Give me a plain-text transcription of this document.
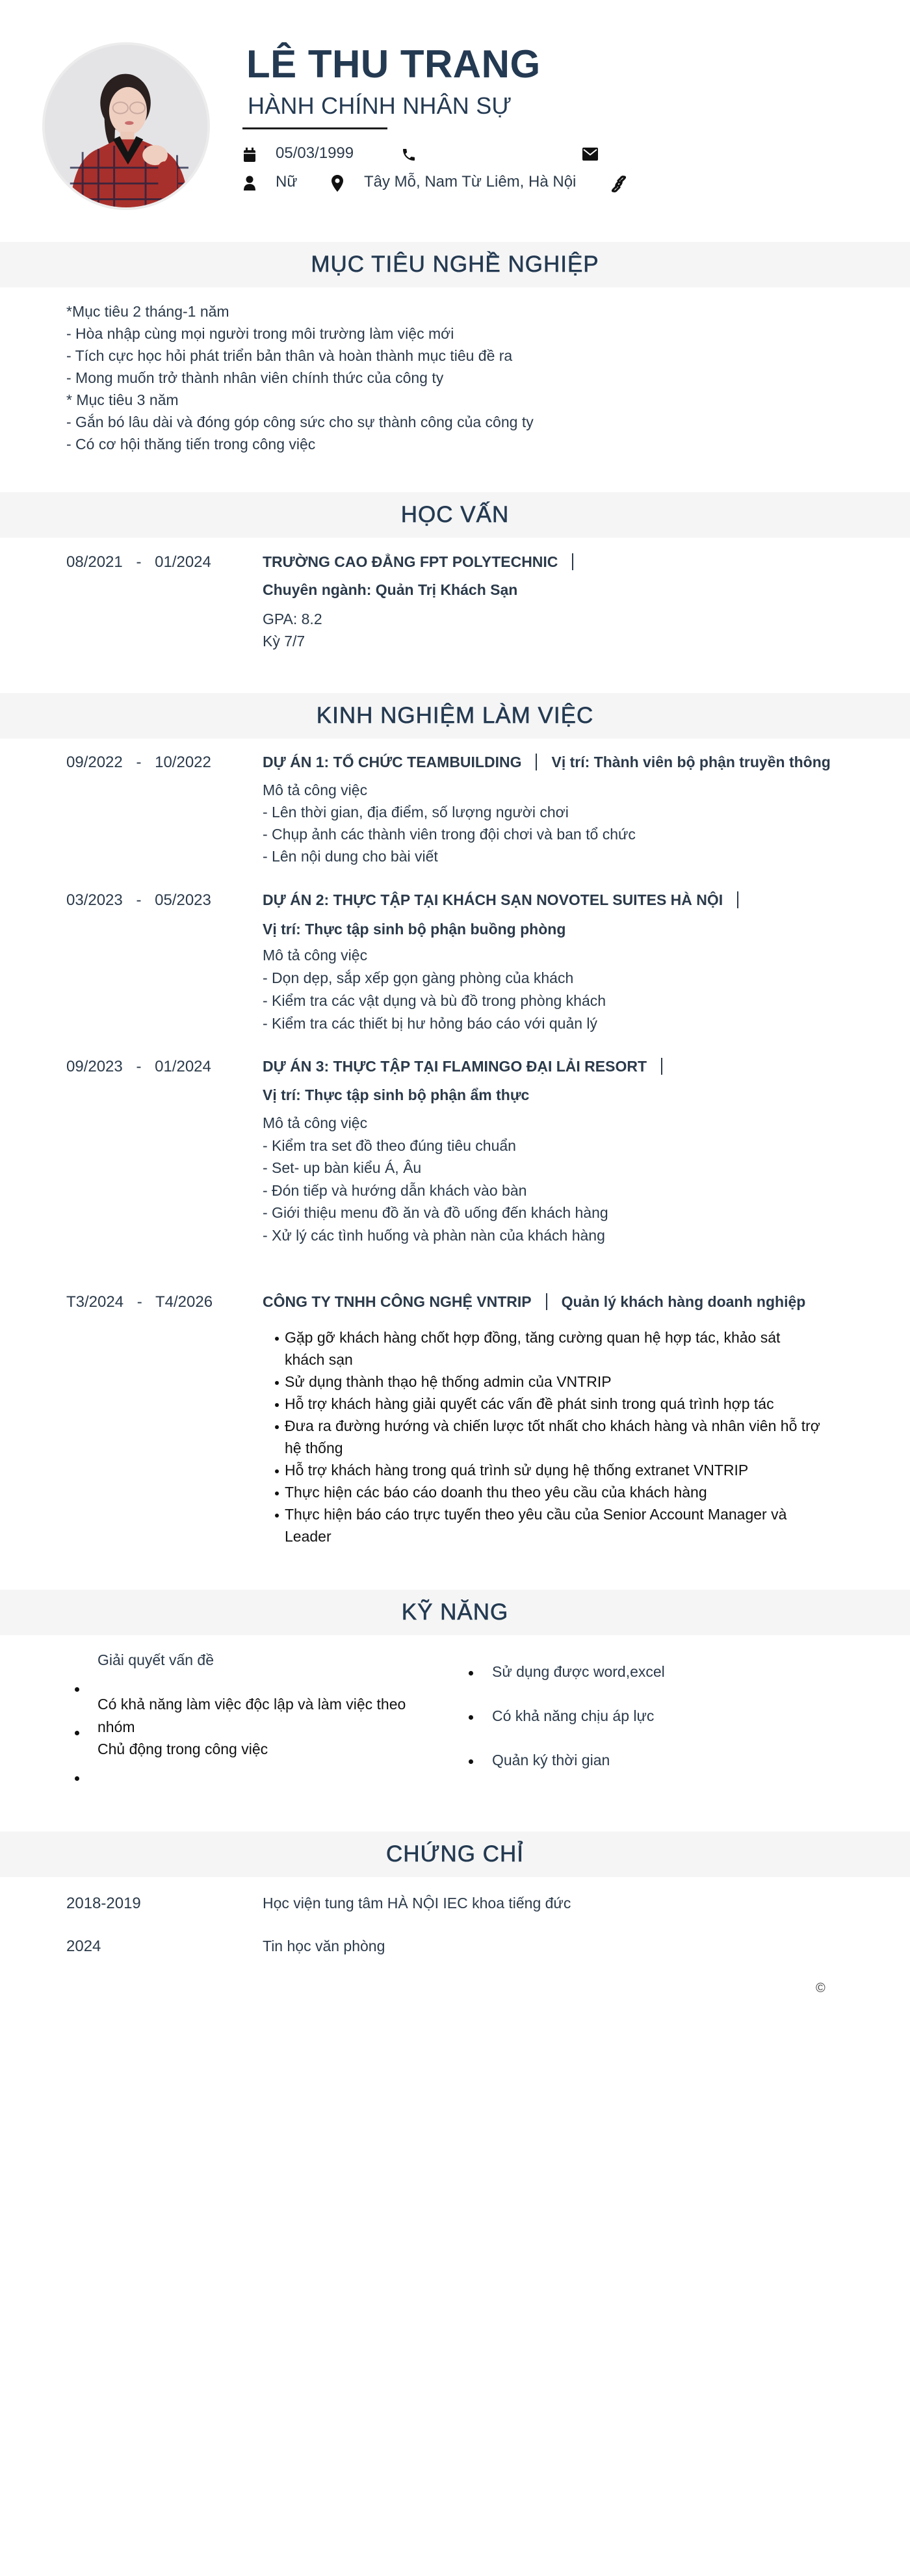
LÊ THU TRANG
HÀNH CHÍNH NHÂN SỰ
05/03/1999
Nữ	Tây Mỗ, Nam Từ Liêm, Hà Nội
MỤC TIÊU NGHỀ NGHIỆP
*Mục tiêu 2 tháng-1 năm
- Hòa nhập cùng mọi người trong môi trường làm việc mới
- Tích cực học hỏi phát triển bản thân và hoàn thành mục tiêu đề ra
- Mong muốn trở thành nhân viên chính thức của công ty
* Mục tiêu 3 năm
- Gắn bó lâu dài và đóng góp công sức cho sự thành công của công ty
- Có cơ hội thăng tiến trong công việc
HỌC VẤN
08/2021 - 01/2024	TRƯỜNG CAO ĐẲNG FPT POLYTECHNIC
Chuyên ngành: Quản Trị Khách Sạn
GPA: 8.2
Kỳ 7/7
KINH NGHIỆM LÀM VIỆC
09/2022 - 10/2022	DỰ ÁN 1: TỔ CHỨC TEAMBUILDING Vị trí: Thành viên bộ phận truyền thông
Mô tả công việc
- Lên thời gian, địa điểm, số lượng người chơi
- Chụp ảnh các thành viên trong đội chơi và ban tổ chức
- Lên nội dung cho bài viết
03/2023 - 05/2023	DỰ ÁN 2: THỰC TẬP TẠI KHÁCH SẠN NOVOTEL SUITES HÀ NỘI
Vị trí: Thực tập sinh bộ phận buồng phòng
Mô tả công việc
- Dọn dẹp, sắp xếp gọn gàng phòng của khách
- Kiểm tra các vật dụng và bù đồ trong phòng khách
- Kiểm tra các thiết bị hư hỏng báo cáo với quản lý
09/2023 - 01/2024	DỰ ÁN 3: THỰC TẬP TẠI FLAMINGO ĐẠI LẢI RESORT
Vị trí: Thực tập sinh bộ phận ẩm thực
Mô tả công việc
- Kiểm tra set đồ theo đúng tiêu chuẩn
- Set- up bàn kiểu Á, Âu
- Đón tiếp và hướng dẫn khách vào bàn
- Giới thiệu menu đồ ăn và đồ uống đến khách hàng
- Xử lý các tình huống và phàn nàn của khách hàng
T3/2024 - T4/2026	CÔNG TY TNHH CÔNG NGHỆ VNTRIP Quản lý khách hàng doanh nghiệp
Gặp gỡ khách hàng chốt hợp đồng, tăng cường quan hệ hợp tác, khảo sát
khách sạn
Sử dụng thành thạo hệ thống admin của VNTRIP
Hỗ trợ khách hàng giải quyết các vấn đề phát sinh trong quá trình hợp tác
Đưa ra đường hướng và chiến lược tốt nhất cho khách hàng và nhân viên hỗ trợ
hệ thống
Hỗ trợ khách hàng trong quá trình sử dụng hệ thống extranet VNTRIP
Thực hiện các báo cáo doanh thu theo yêu cầu của khách hàng
Thực hiện báo cáo trực tuyến theo yêu cầu của Senior Account Manager và
Leader
KỸ NĂNG
Giải quyết vấn đề
Có khả năng làm việc độc lập và làm việc theo
nhóm
Chủ động trong công việc
Sử dụng được word,excel
Có khả năng chịu áp lực
Quản ký thời gian
CHỨNG CHỈ
2018-2019	Học viện tung tâm HÀ NỘI IEC khoa tiếng đức
2024	Tin học văn phòng
©
